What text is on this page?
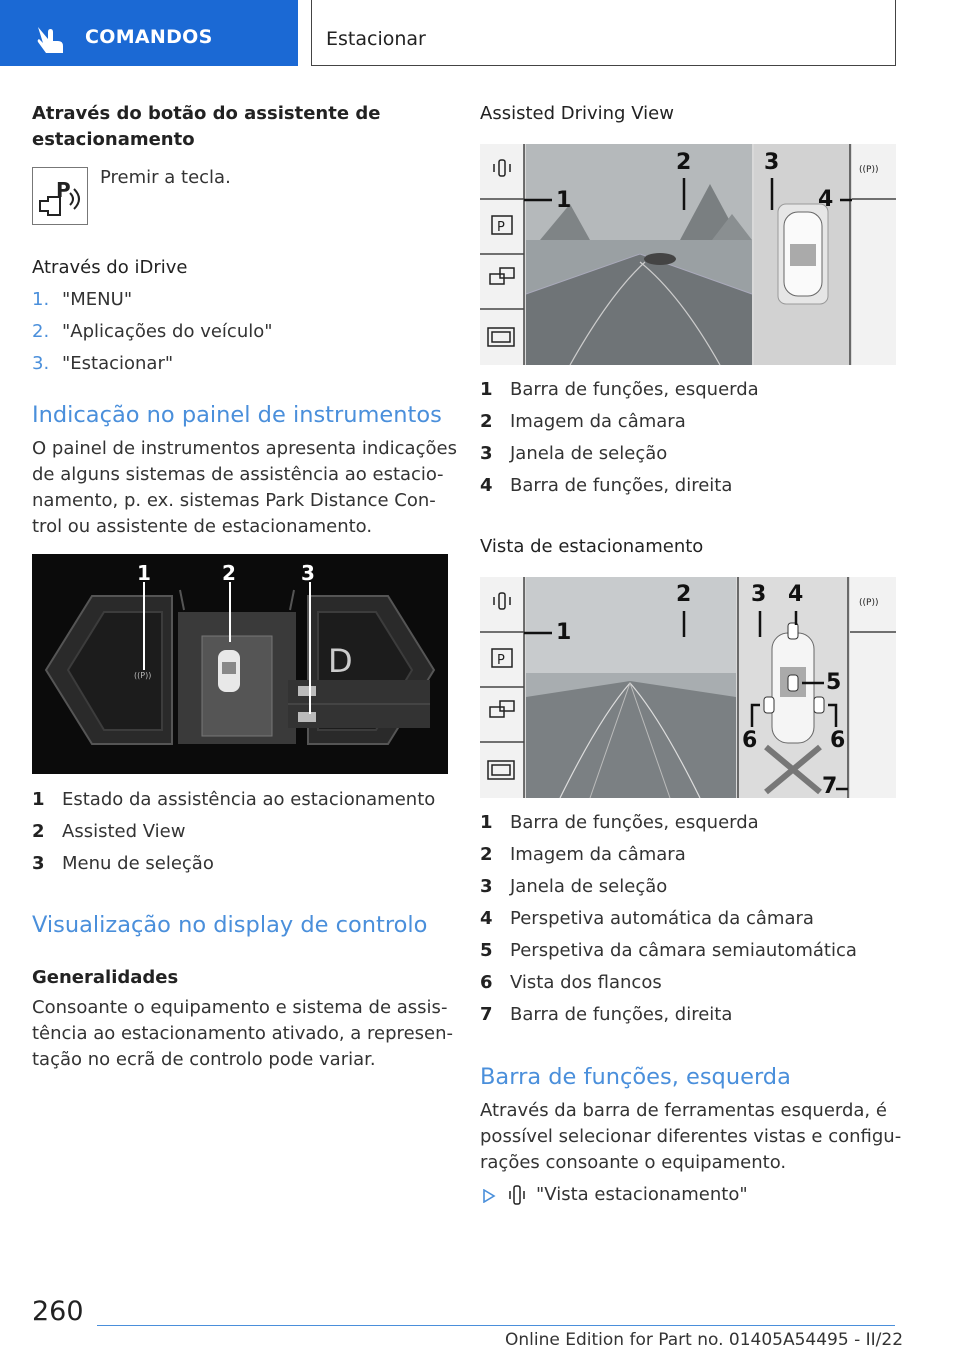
COMANDOS	Estacionar
Através do botão do assistente de
estacionamento
P
Premir a tecla.
Através do iDrive
1. "MENU"
2. "Aplicações do veículo"
3. "Estacionar"
Indicação no painel de instrumentos
O painel de instrumentos apresenta indicações
de alguns sistemas de assistência ao estacio‐
namento, p. ex. sistemas Park Distance Con‐
trol ou assistente de estacionamento.
D
((P))
1	2	3
1 Estado da assistência ao estacionamento
2 Assisted View
3 Menu de seleção
Visualização no display de controlo
Generalidades
Consoante o equipamento e sistema de assis‐
tência ao estacionamento ativado, a represen‐
tação no ecrã de controlo pode variar.
Assisted Driving View
P
((P))
1
2	3
4
1 Barra de funções, esquerda
2 Imagem da câmara
3 Janela de seleção
4 Barra de funções, direita
Vista de estacionamento
P
((P))
1
2	3 4
5
6	6
7
1 Barra de funções, esquerda
2 Imagem da câmara
3 Janela de seleção
4 Perspetiva automática da câmara
5 Perspetiva da câmara semiautomática
6 Vista dos flancos
7 Barra de funções, direita
Barra de funções, esquerda
Através da barra de ferramentas esquerda, é
possível selecionar diferentes vistas e configu‐
rações consoante o equipamento.
"Vista estacionamento"
260
Online Edition for Part no. 01405A54495 - II/22
